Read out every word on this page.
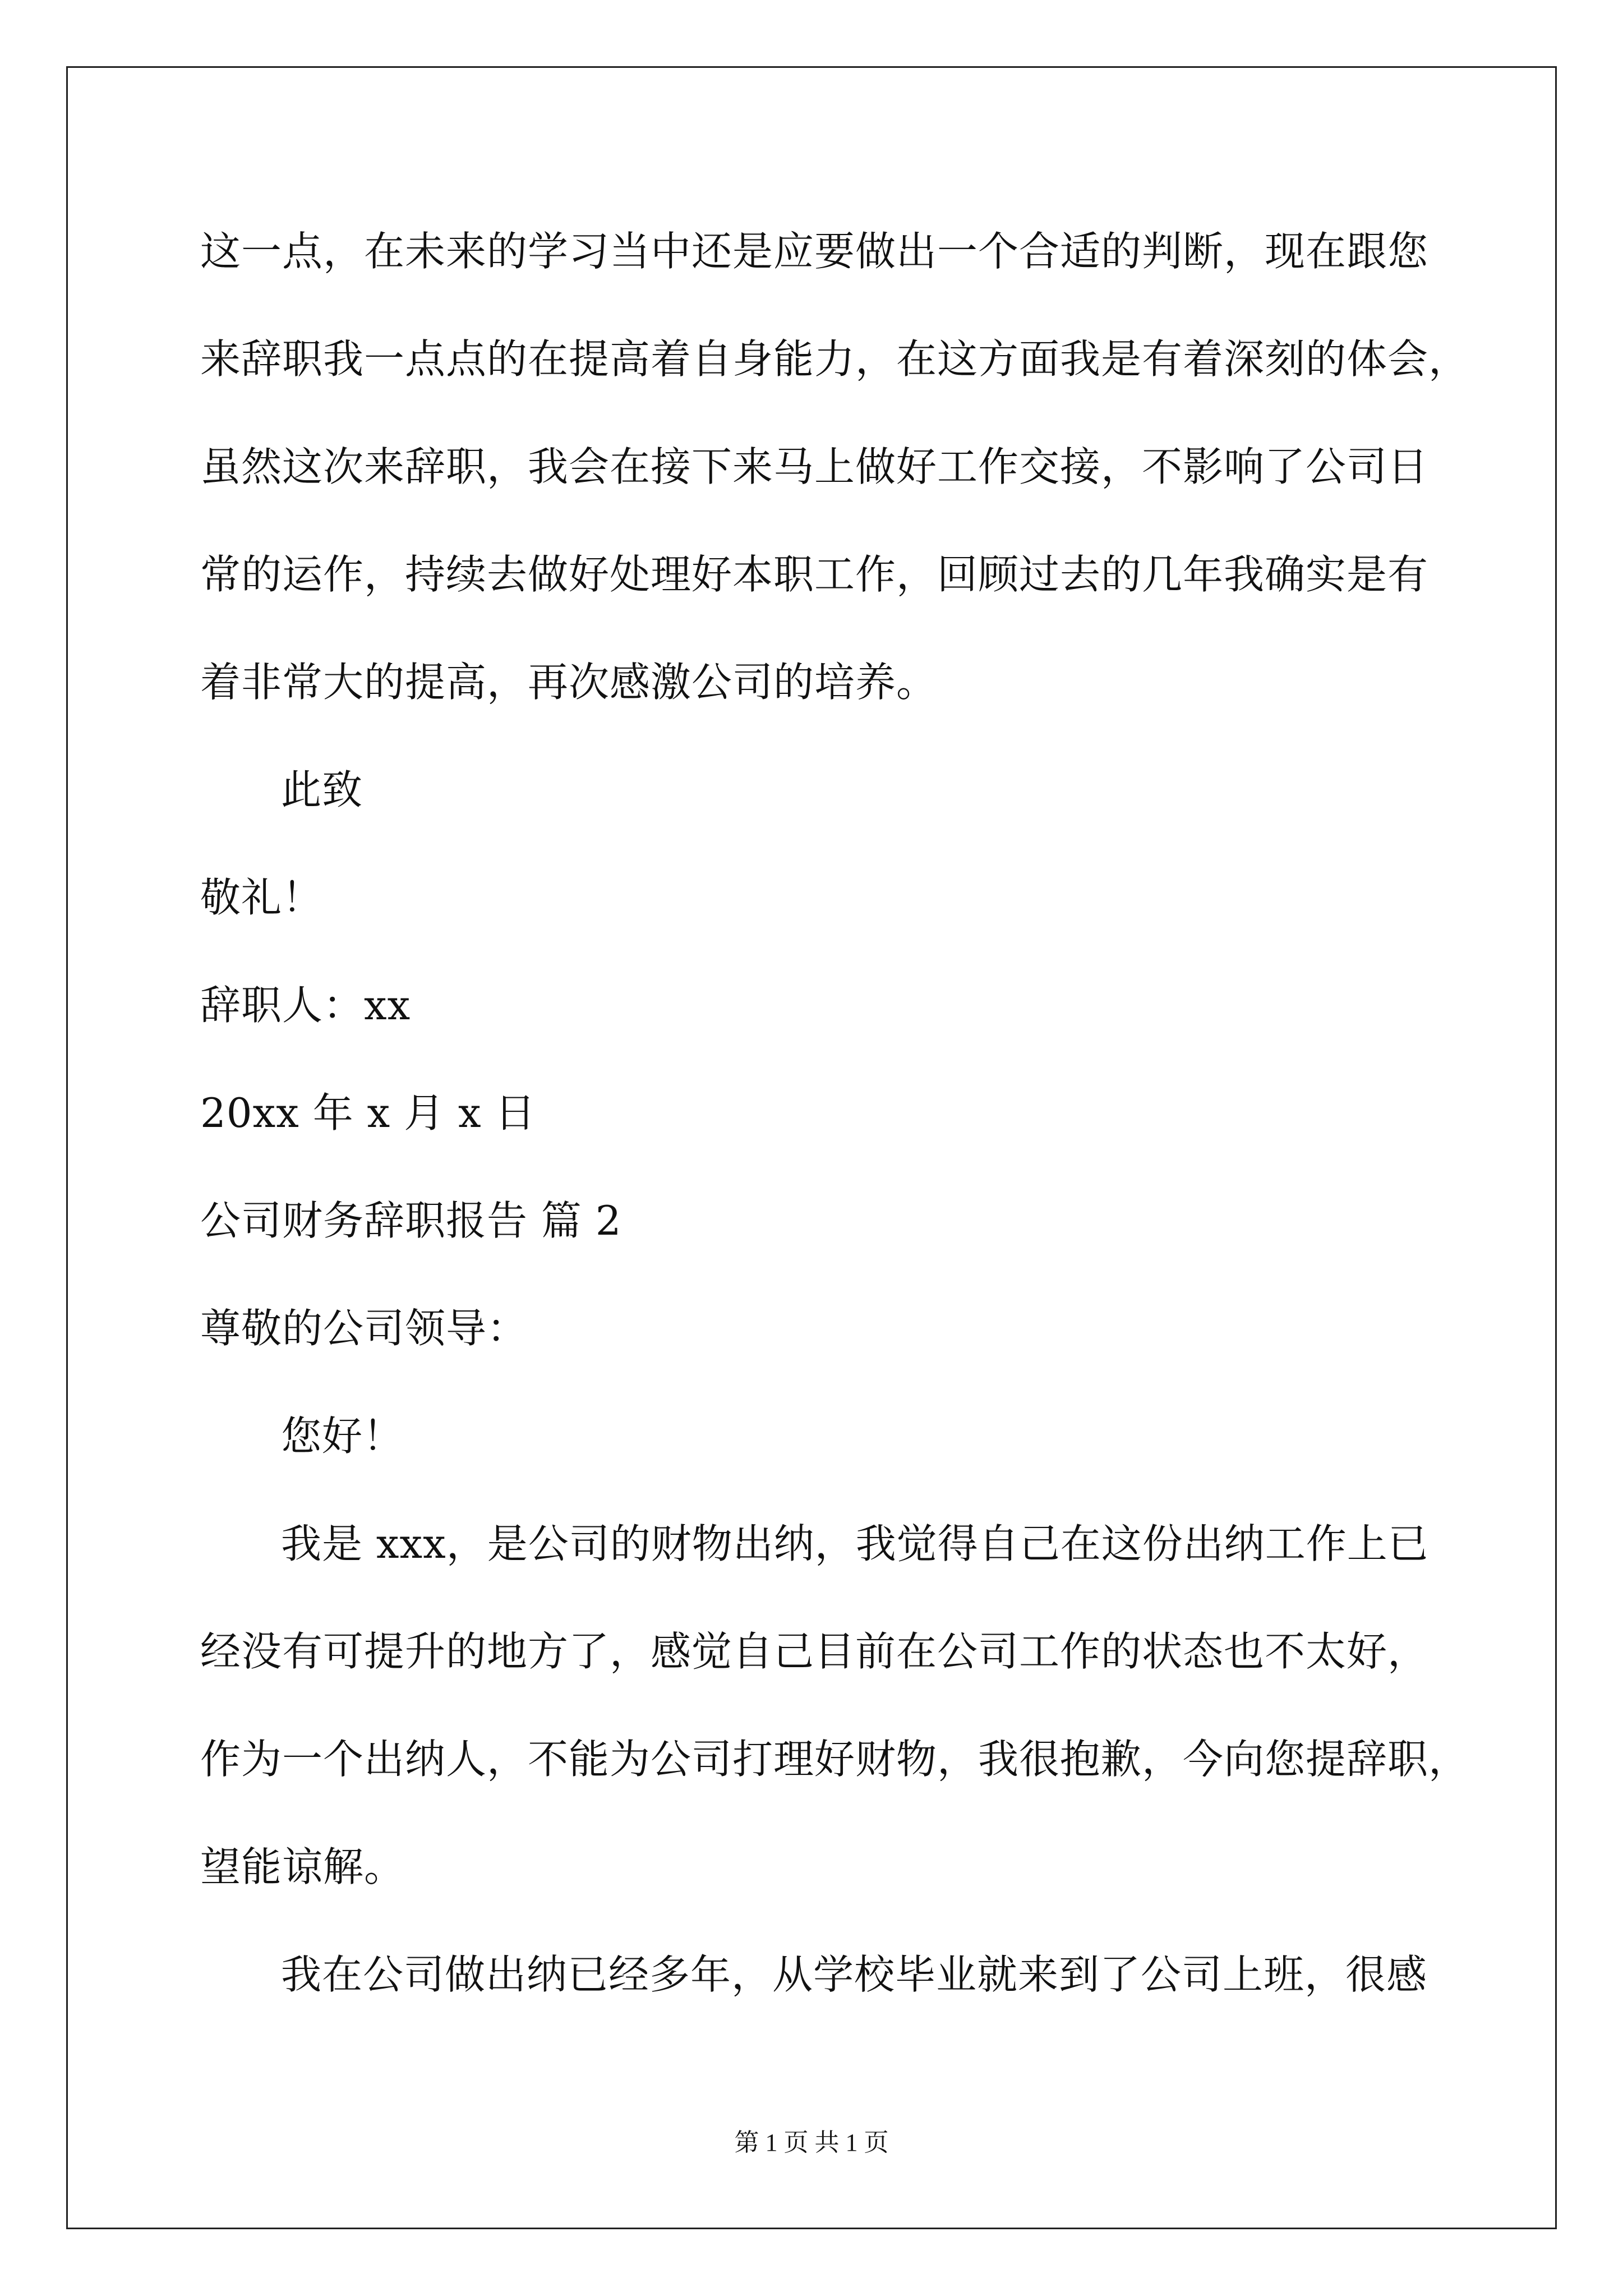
这一点，在未来的学习当中还是应要做出一个合适的判断，现在跟您
来辞职我一点点的在提高着自身能力，在这方面我是有着深刻的体会，
虽然这次来辞职，我会在接下来马上做好工作交接，不影响了公司日
常的运作，持续去做好处理好本职工作，回顾过去的几年我确实是有
着非常大的提高，再次感激公司的培养。
此致
敬礼！
辞职人：xx
20xx 年 x 月 x 日
公司财务辞职报告 篇 2
尊敬的公司领导：
您好！
我是 xxx，是公司的财物出纳，我觉得自己在这份出纳工作上已
经没有可提升的地方了，感觉自己目前在公司工作的状态也不太好，
作为一个出纳人，不能为公司打理好财物，我很抱歉，今向您提辞职，
望能谅解。
我在公司做出纳已经多年，从学校毕业就来到了公司上班，很感
第 1 页 共 1 页
